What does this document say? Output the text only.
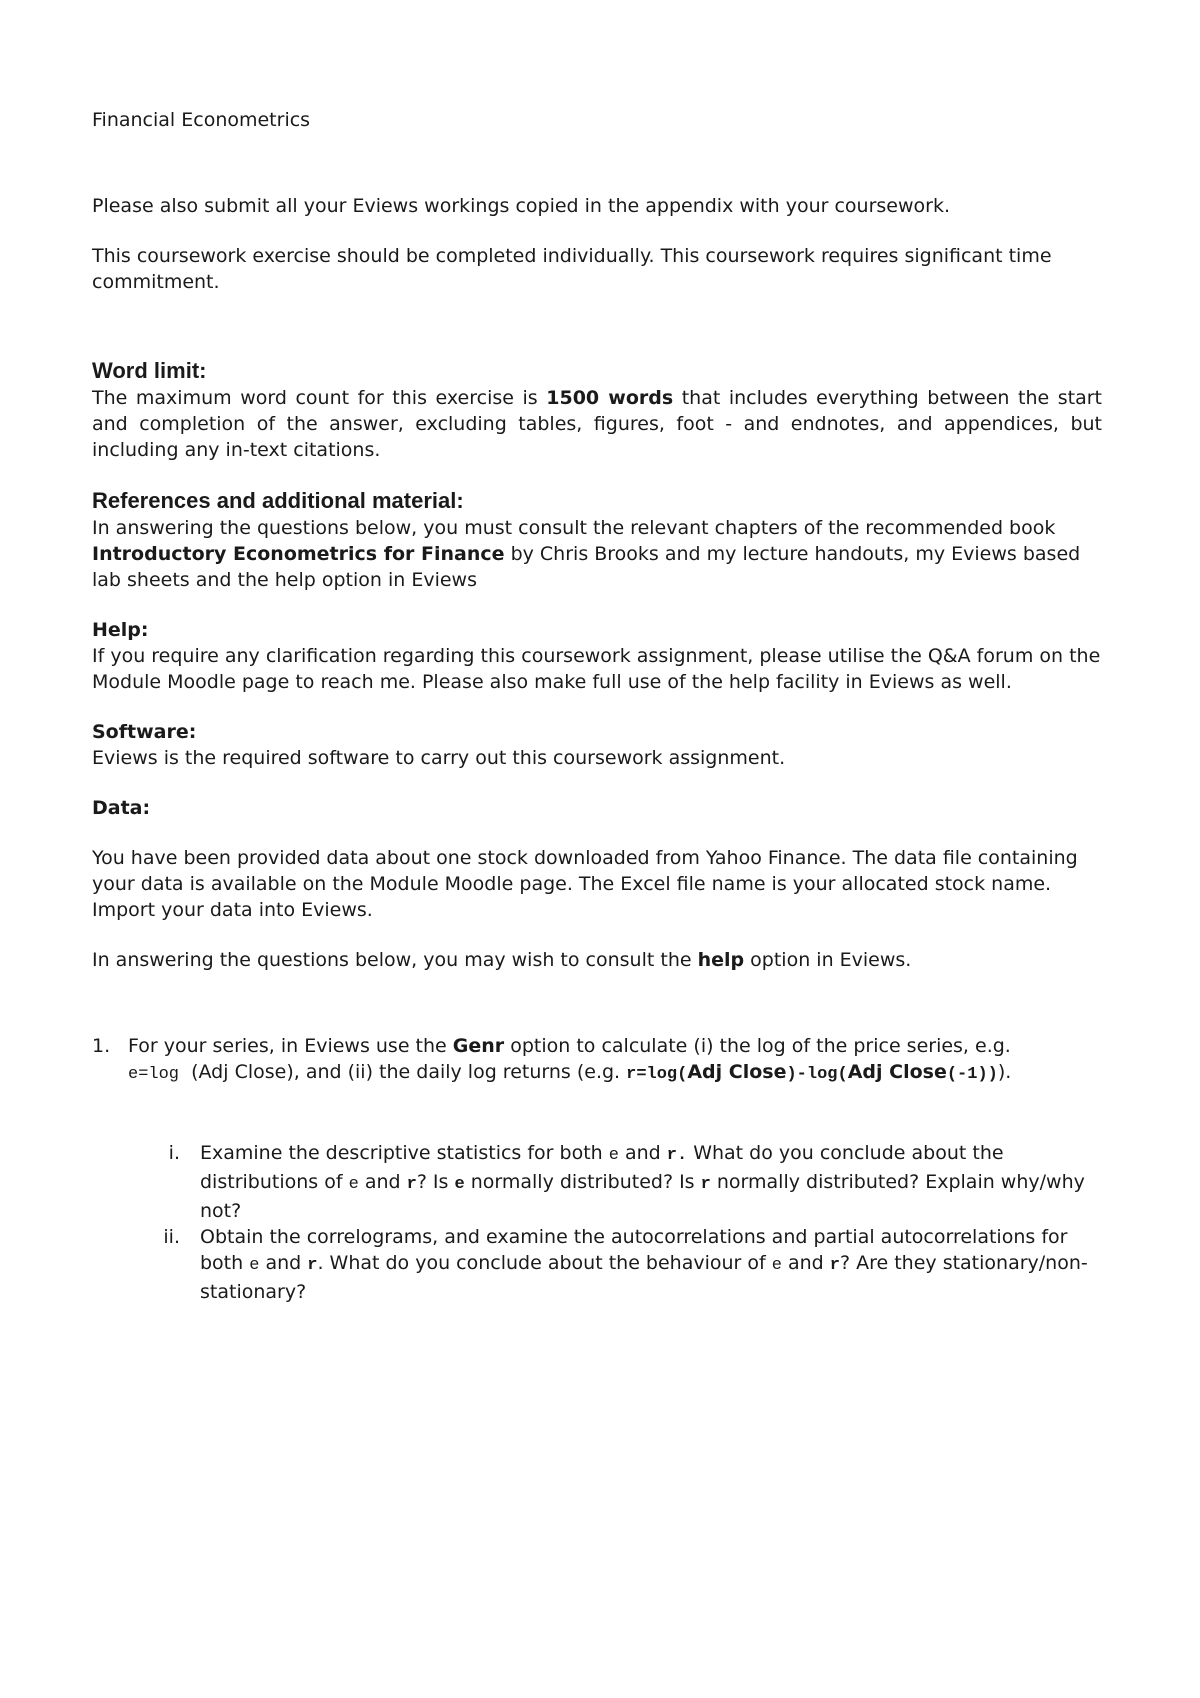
Financial Econometrics

Please also submit all your Eviews workings copied in the appendix with your coursework.

This coursework exercise should be completed individually. This coursework requires significant time commitment.

Word limit:

The maximum word count for this exercise is 1500 words that includes everything between the start and completion of the answer, excluding tables, figures, foot - and endnotes, and appendices, but including any in-text citations.

References and additional material:

In answering the questions below, you must consult the relevant chapters of the recommended book Introductory Econometrics for Finance by Chris Brooks and my lecture handouts, my Eviews based lab sheets and the help option in Eviews

Help:

If you require any clarification regarding this coursework assignment, please utilise the Q&A forum on the Module Moodle page to reach me. Please also make full use of the help facility in Eviews as well.

Software:

Eviews is the required software to carry out this coursework assignment.

Data:

You have been provided data about one stock downloaded from Yahoo Finance. The data file containing your data is available on the Module Moodle page. The Excel file name is your allocated stock name. Import your data into Eviews.

In answering the questions below, you may wish to consult the help option in Eviews.

1. For your series, in Eviews use the Genr option to calculate (i) the log of the price series, e.g.
e=log (Adj Close), and (ii) the daily log returns (e.g. r=log(Adj Close)-log(Adj Close(-1))).

i.	Examine the descriptive statistics for both e and r. What do you conclude about the distributions of e and r? Is e normally distributed? Is r normally distributed? Explain why/why not?

ii.	Obtain the correlograms, and examine the autocorrelations and partial autocorrelations for both e and r. What do you conclude about the behaviour of e and r? Are they stationary/non-stationary?
